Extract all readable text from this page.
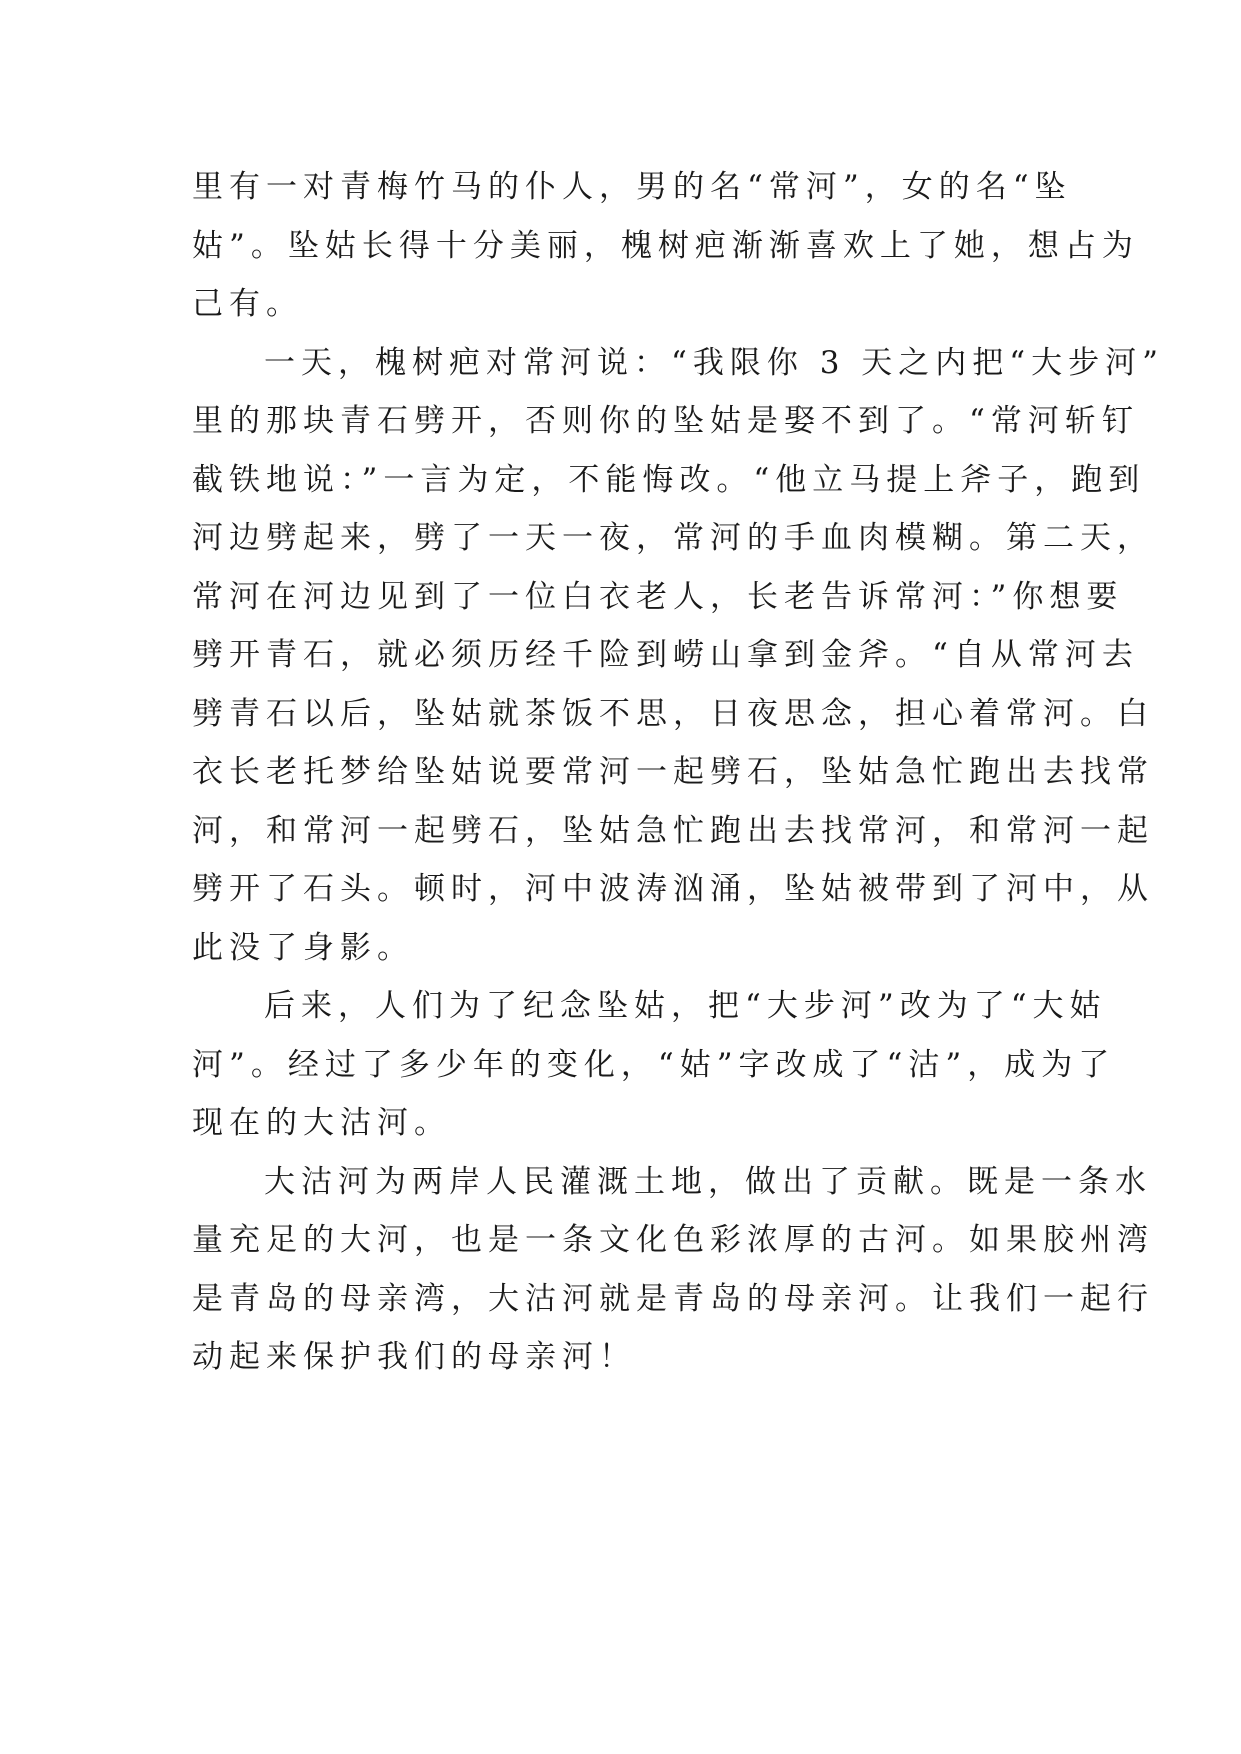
里有一对青梅竹马的仆人，男的名“常河”，女的名“坠
姑”。坠姑长得十分美丽，槐树疤渐渐喜欢上了她，想占为
己有。
一天，槐树疤对常河说：“我限你 3 天之内把“大步河”
里的那块青石劈开，否则你的坠姑是娶不到了。“常河斩钉
截铁地说：”一言为定，不能悔改。“他立马提上斧子，跑到
河边劈起来，劈了一天一夜，常河的手血肉模糊。第二天，
常河在河边见到了一位白衣老人，长老告诉常河：”你想要
劈开青石，就必须历经千险到崂山拿到金斧。“自从常河去
劈青石以后，坠姑就茶饭不思，日夜思念，担心着常河。白
衣长老托梦给坠姑说要常河一起劈石，坠姑急忙跑出去找常
河，和常河一起劈石，坠姑急忙跑出去找常河，和常河一起
劈开了石头。顿时，河中波涛汹涌，坠姑被带到了河中，从
此没了身影。
后来，人们为了纪念坠姑，把“大步河”改为了“大姑
河”。经过了多少年的变化，“姑”字改成了“沽”，成为了
现在的大沽河。
大沽河为两岸人民灌溉土地，做出了贡献。既是一条水
量充足的大河，也是一条文化色彩浓厚的古河。如果胶州湾
是青岛的母亲湾，大沽河就是青岛的母亲河。让我们一起行
动起来保护我们的母亲河！
